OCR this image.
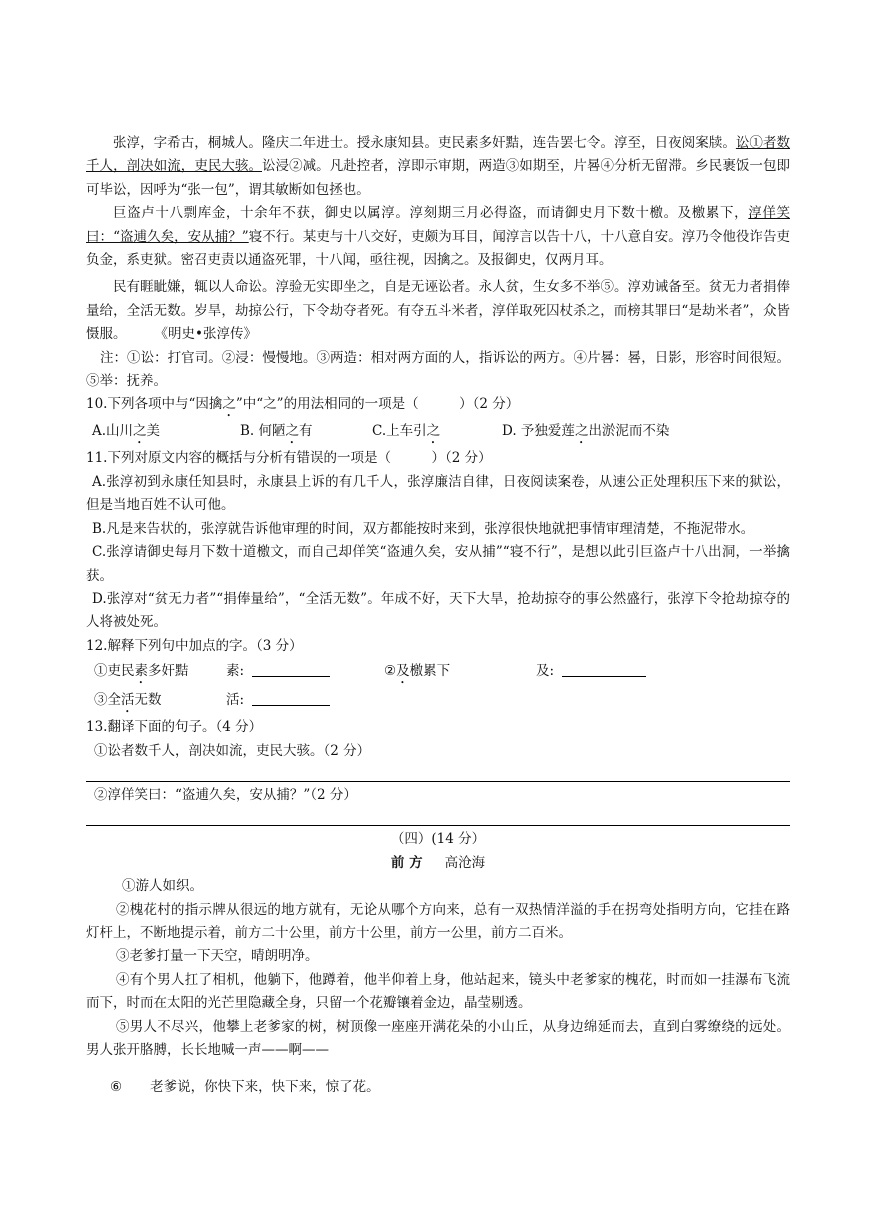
张淳，字希古，桐城人。隆庆二年进士。授永康知县。吏民素多奸黠，连告罢七令。淳至，日夜阅案牍。讼①者数千人，剖决如流，吏民大骇。讼浸②减。凡赴控者，淳即示审期，两造③如期至，片晷④分析无留滞。乡民裹饭一包即可毕讼，因呼为“张一包”，谓其敏断如包拯也。

巨盗卢十八剽库金，十余年不获，御史以属淳。淳刻期三月必得盗，而请御史月下数十檄。及檄累下，淳佯笑曰：“盗逋久矣，安从捕？”寝不行。某吏与十八交好，吏颇为耳目，闻淳言以告十八，十八意自安。淳乃令他役诈告吏负金，系吏狱。密召吏责以通盗死罪，十八闻，亟往视，因擒之。及报御史，仅两月耳。

民有睚眦嫌，辄以人命讼。淳验无实即坐之，自是无诬讼者。永人贫，生女多不举⑤。淳劝诫备至。贫无力者捐俸量给，全活无数。岁旱，劫掠公行，下令劫夺者死。有夺五斗米者，淳佯取死囚杖杀之，而榜其罪曰“是劫米者”，众皆慑服。 《明史•张淳传》

注：①讼：打官司。②浸：慢慢地。③两造：相对两方面的人，指诉讼的两方。④片晷：晷，日影，形容时间很短。⑤举：抚养。

10.下列各项中与“因擒之”中“之”的用法相同的一项是（　　　）（2 分）

A.山川之美	B. 何陋之有	C.上车引之	D. 予独爱莲之出淤泥而不染

11.下列对原文内容的概括与分析有错误的一项是（　　　）（2 分）

A.张淳初到永康任知县时，永康县上诉的有几千人，张淳廉洁自律，日夜阅读案卷，从速公正处理积压下来的狱讼，但是当地百姓不认可他。

B.凡是来告状的，张淳就告诉他审理的时间，双方都能按时来到，张淳很快地就把事情审理清楚，不拖泥带水。

C.张淳请御史每月下数十道檄文，而自己却佯笑“盗逋久矣，安从捕”“寝不行”，是想以此引巨盗卢十八出洞，一举擒获。

D.张淳对“贫无力者”“捐俸量给”，“全活无数”。年成不好，天下大旱，抢劫掠夺的事公然盛行，张淳下令抢劫掠夺的人将被处死。

12.解释下列句中加点的字。（3 分）

①吏民素多奸黠	素:	②及檄累下	及:
③全活无数	活:

13.翻译下面的句子。（4 分）

①讼者数千人，剖决如流，吏民大骇。（2 分）

②淳佯笑曰：“盗逋久矣，安从捕？”（2 分）

（四）(14 分）

前 方 高沧海

①游人如织。

②槐花村的指示牌从很远的地方就有，无论从哪个方向来，总有一双热情洋溢的手在拐弯处指明方向，它挂在路灯杆上，不断地提示着，前方二十公里，前方十公里，前方一公里，前方二百米。

③老爹打量一下天空，晴朗明净。

④有个男人扛了相机，他躺下，他蹲着，他半仰着上身，他站起来，镜头中老爹家的槐花，时而如一挂瀑布飞流而下，时而在太阳的光芒里隐藏全身，只留一个花瓣镶着金边，晶莹剔透。

⑤男人不尽兴，他攀上老爹家的树，树顶像一座座开满花朵的小山丘，从身边绵延而去，直到白雾缭绕的远处。男人张开胳膊，长长地喊一声——啊——

⑥ 老爹说，你快下来，快下来，惊了花。
